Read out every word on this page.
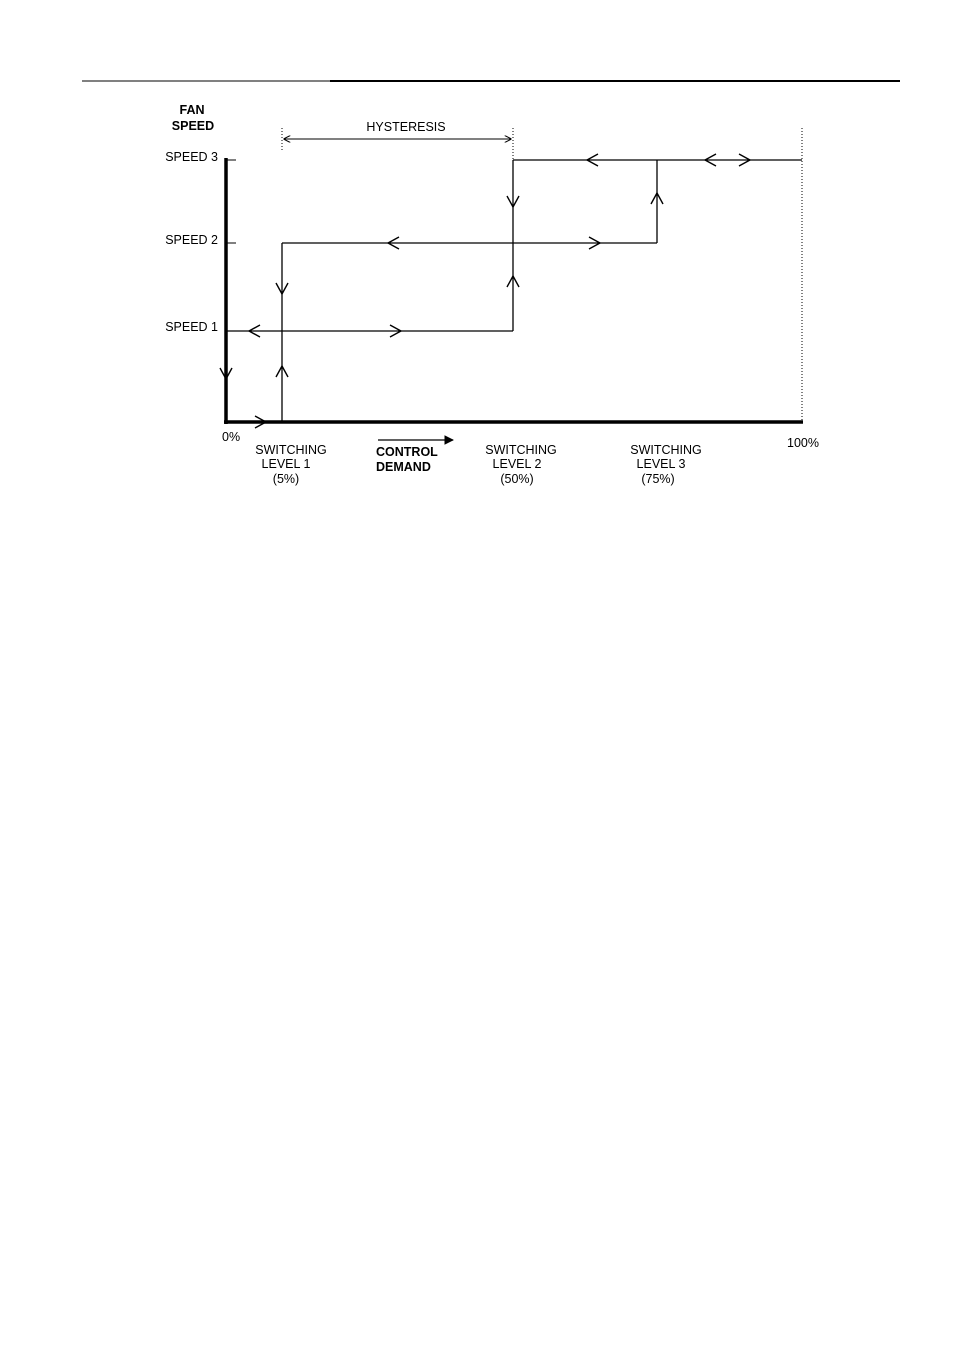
FAN
SPEED
SPEED 3
SPEED 2
SPEED 1
HYSTERESIS
0%	100%
CONTROL
DEMAND
SWITCHING
LEVEL 1
(5%)
SWITCHING
LEVEL 2
(50%)
SWITCHING
LEVEL 3
(75%)
